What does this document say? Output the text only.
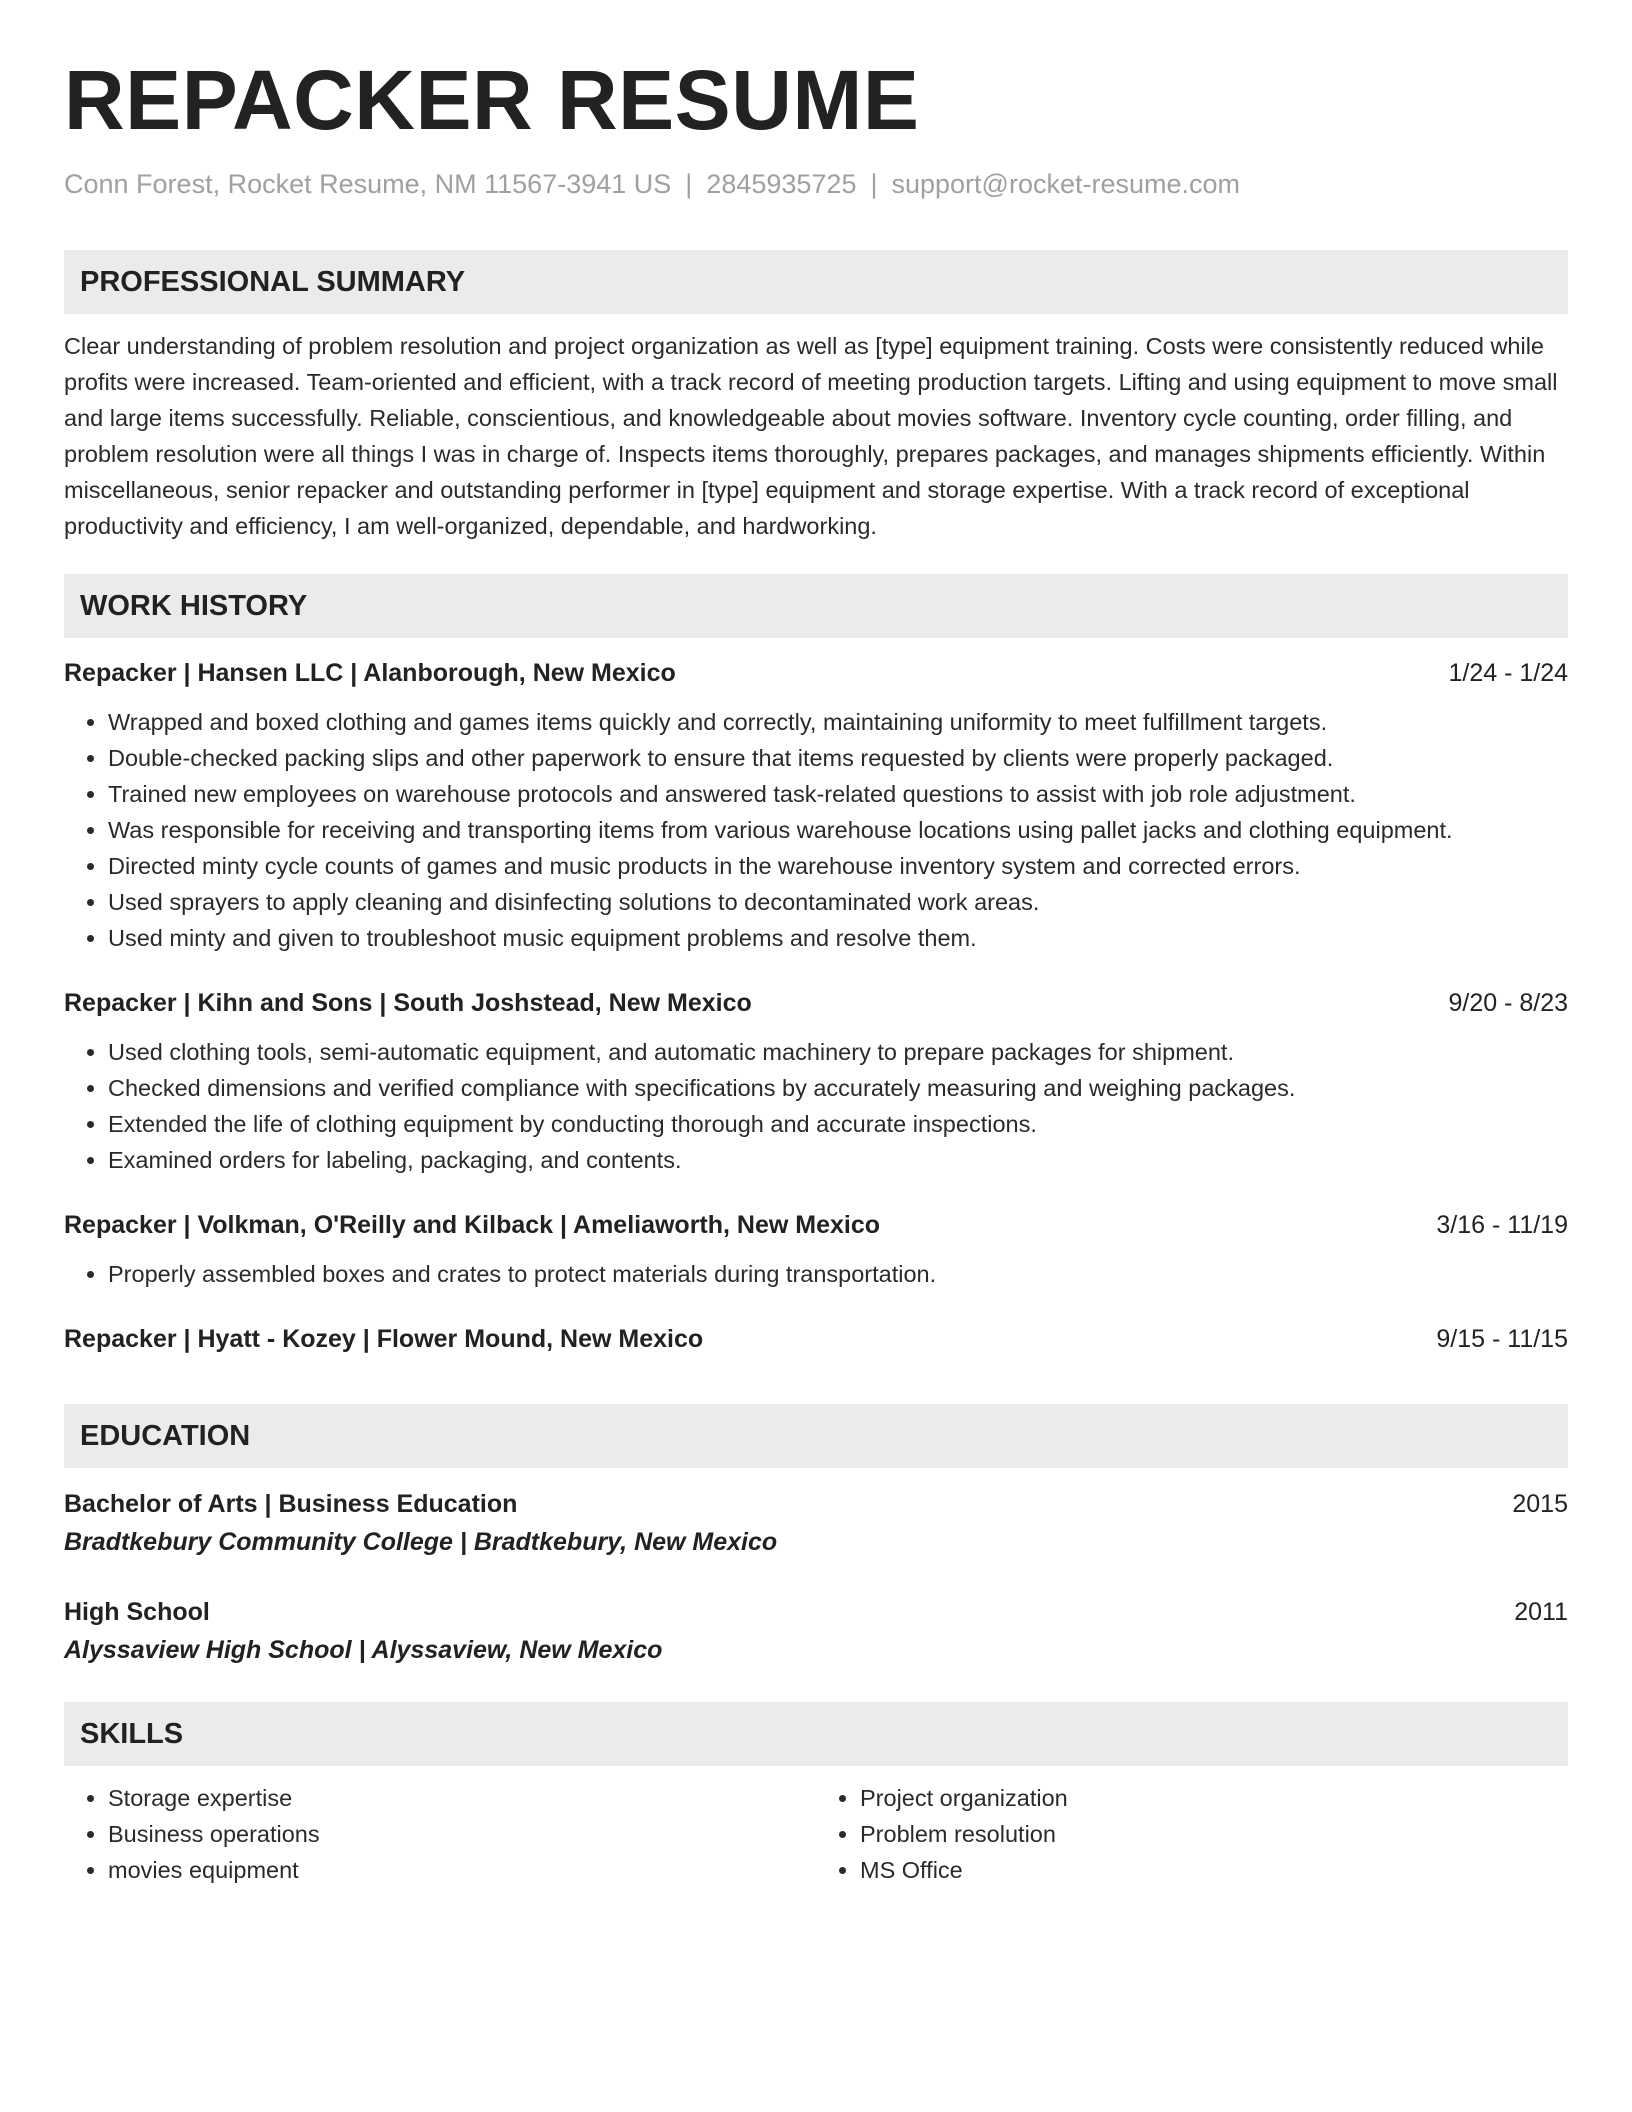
REPACKER RESUME
Conn Forest, Rocket Resume, NM 11567-3941 US | 2845935725 | support@rocket-resume.com
PROFESSIONAL SUMMARY
Clear understanding of problem resolution and project organization as well as [type] equipment training. Costs were consistently reduced while profits were increased. Team-oriented and efficient, with a track record of meeting production targets. Lifting and using equipment to move small and large items successfully. Reliable, conscientious, and knowledgeable about movies software. Inventory cycle counting, order filling, and problem resolution were all things I was in charge of. Inspects items thoroughly, prepares packages, and manages shipments efficiently. Within miscellaneous, senior repacker and outstanding performer in [type] equipment and storage expertise. With a track record of exceptional productivity and efficiency, I am well-organized, dependable, and hardworking.
WORK HISTORY
Repacker | Hansen LLC | Alanborough, New Mexico	1/24 - 1/24
• Wrapped and boxed clothing and games items quickly and correctly, maintaining uniformity to meet fulfillment targets.
• Double-checked packing slips and other paperwork to ensure that items requested by clients were properly packaged.
• Trained new employees on warehouse protocols and answered task-related questions to assist with job role adjustment.
• Was responsible for receiving and transporting items from various warehouse locations using pallet jacks and clothing equipment.
• Directed minty cycle counts of games and music products in the warehouse inventory system and corrected errors.
• Used sprayers to apply cleaning and disinfecting solutions to decontaminated work areas.
• Used minty and given to troubleshoot music equipment problems and resolve them.
Repacker | Kihn and Sons | South Joshstead, New Mexico	9/20 - 8/23
• Used clothing tools, semi-automatic equipment, and automatic machinery to prepare packages for shipment.
• Checked dimensions and verified compliance with specifications by accurately measuring and weighing packages.
• Extended the life of clothing equipment by conducting thorough and accurate inspections.
• Examined orders for labeling, packaging, and contents.
Repacker | Volkman, O'Reilly and Kilback | Ameliaworth, New Mexico	3/16 - 11/19
• Properly assembled boxes and crates to protect materials during transportation.
Repacker | Hyatt - Kozey | Flower Mound, New Mexico	9/15 - 11/15
EDUCATION
Bachelor of Arts | Business Education	2015
Bradtkebury Community College | Bradtkebury, New Mexico
High School	2011
Alyssaview High School | Alyssaview, New Mexico
SKILLS
• Storage expertise
• Business operations
• movies equipment
• Project organization
• Problem resolution
• MS Office
